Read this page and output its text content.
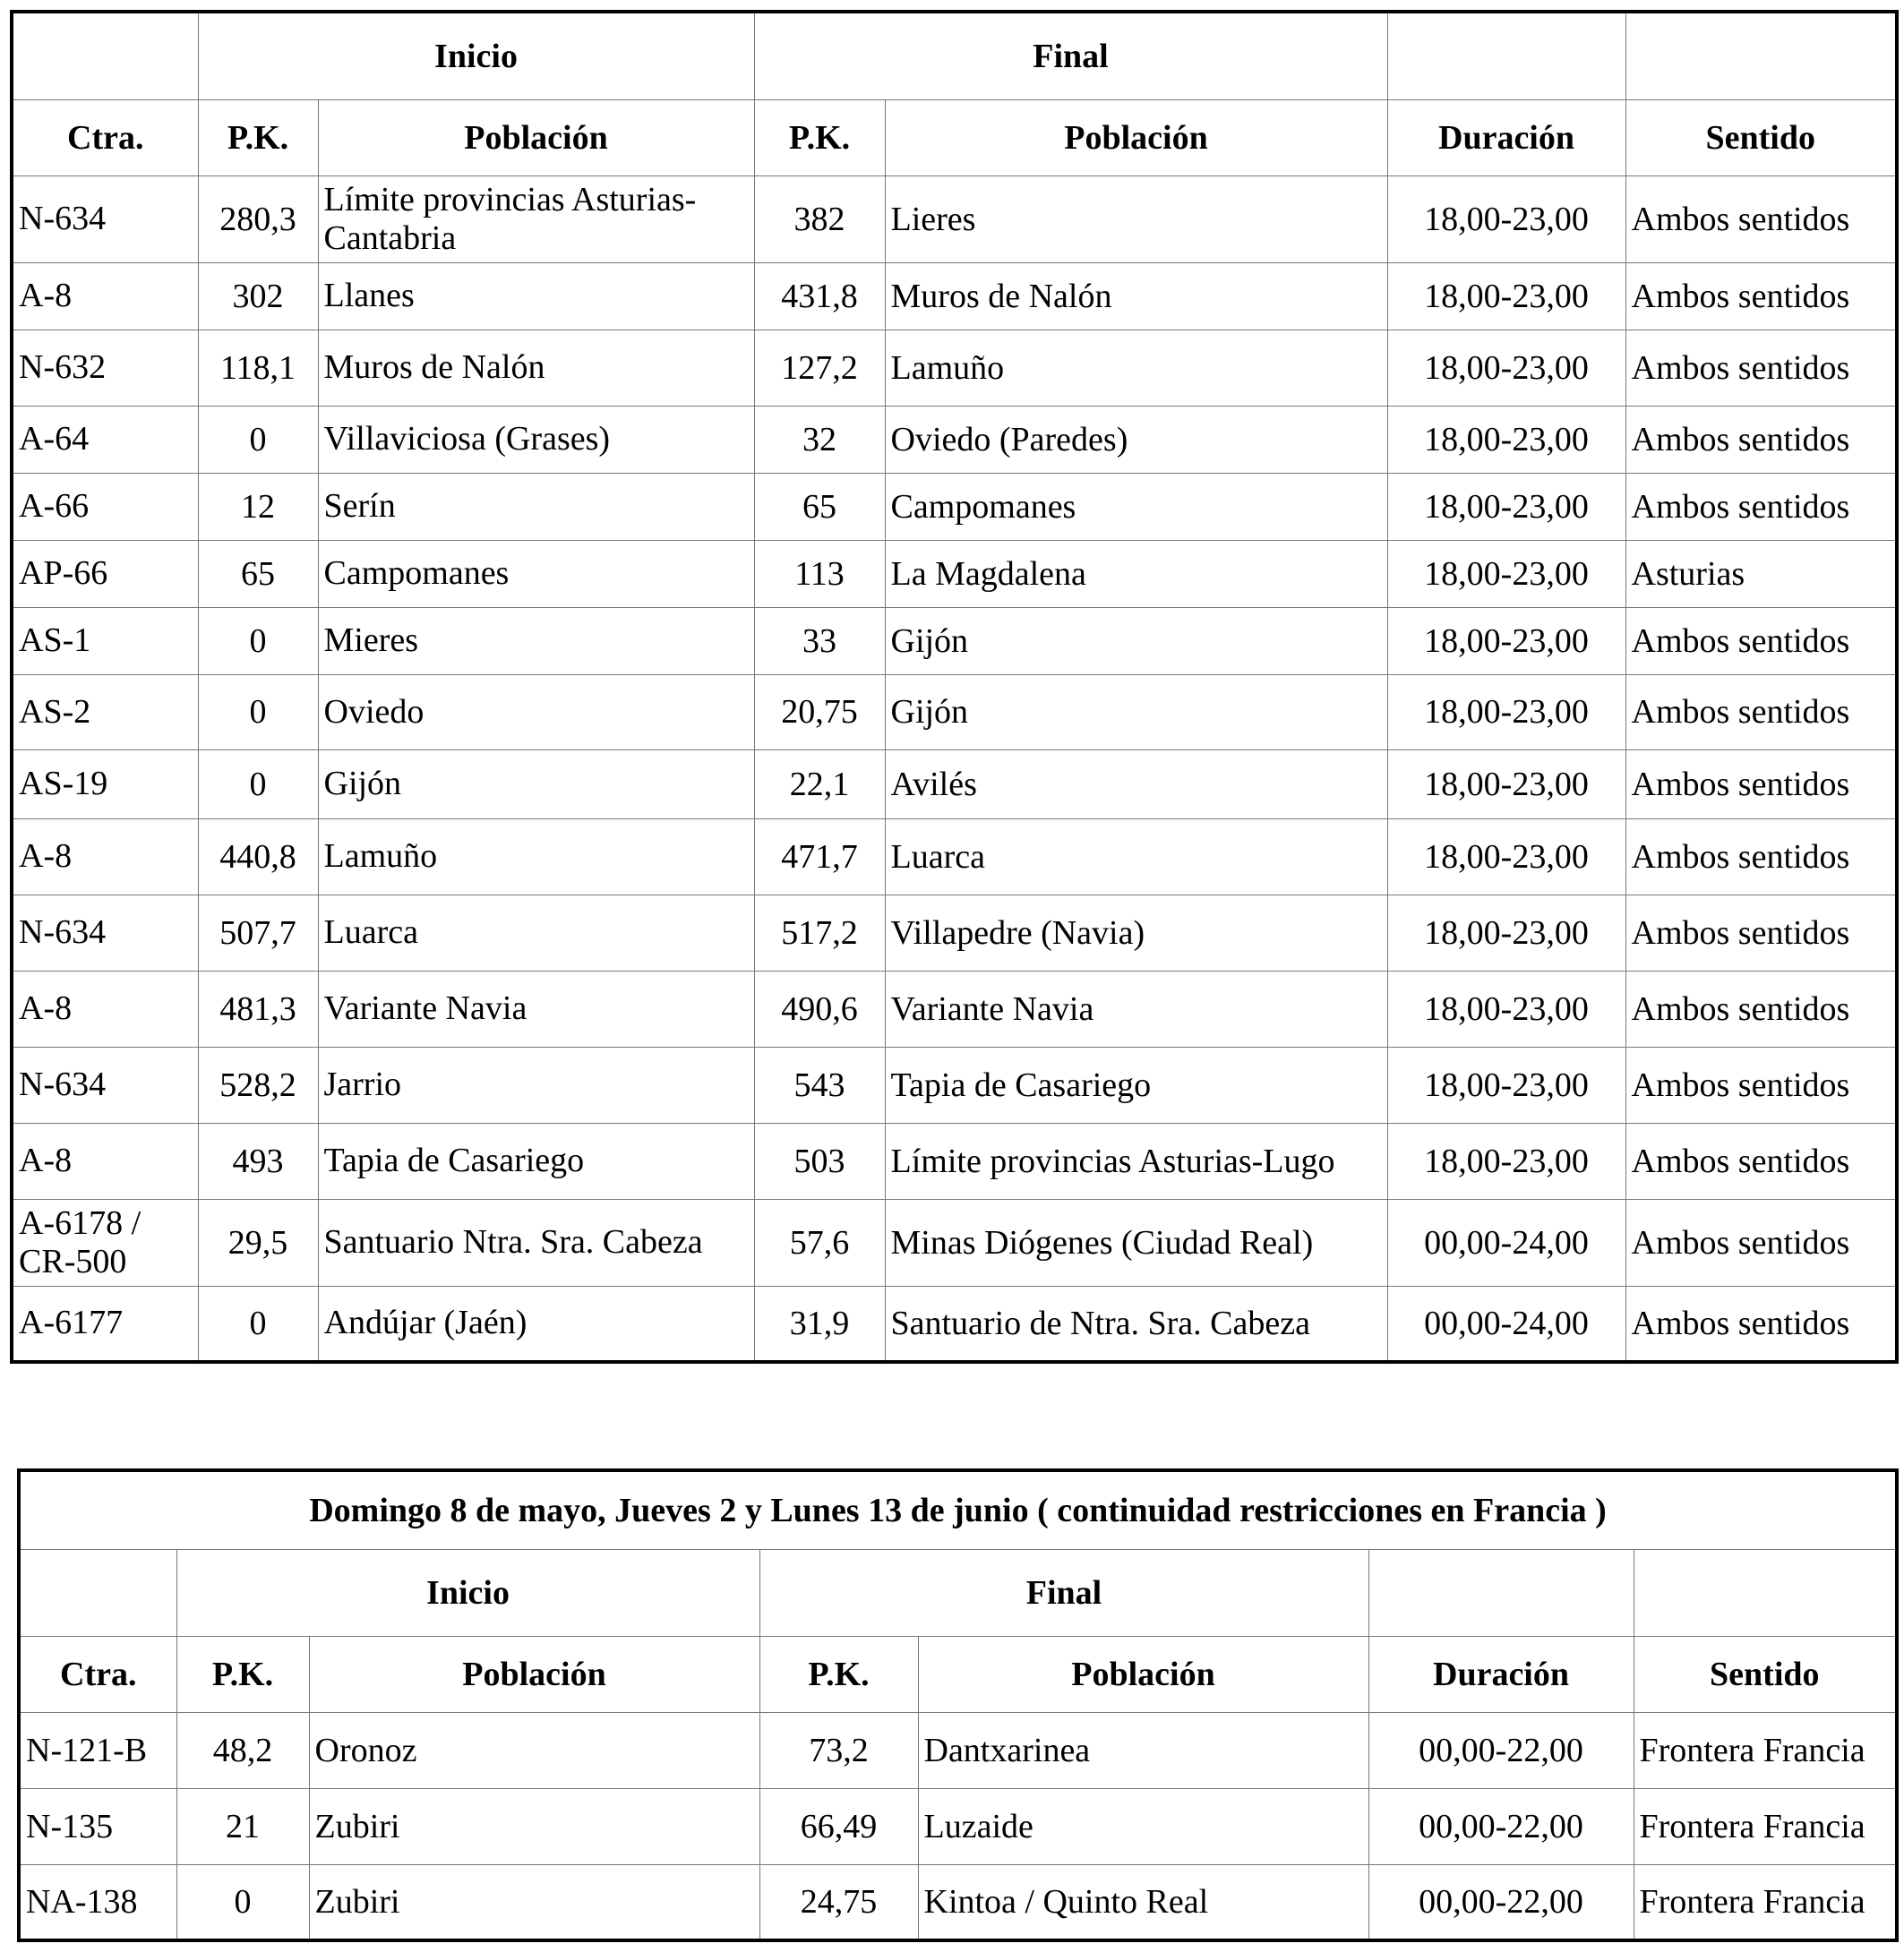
	Inicio		Final			
Ctra.	P.K.	Población	P.K.	Población	Duración	Sentido
N-634	280,3	Límite provincias Asturias-Cantabria	382	Lieres	18,00-23,00	Ambos sentidos
A-8	302	Llanes	431,8	Muros de Nalón	18,00-23,00	Ambos sentidos
N-632	118,1	Muros de Nalón	127,2	Lamuño	18,00-23,00	Ambos sentidos
A-64	0	Villaviciosa (Grases)	32	Oviedo (Paredes)	18,00-23,00	Ambos sentidos
A-66	12	Serín	65	Campomanes	18,00-23,00	Ambos sentidos
AP-66	65	Campomanes	113	La Magdalena	18,00-23,00	Asturias
AS-1	0	Mieres	33	Gijón	18,00-23,00	Ambos sentidos
AS-2	0	Oviedo	20,75	Gijón	18,00-23,00	Ambos sentidos
AS-19	0	Gijón	22,1	Avilés	18,00-23,00	Ambos sentidos
A-8	440,8	Lamuño	471,7	Luarca	18,00-23,00	Ambos sentidos
N-634	507,7	Luarca	517,2	Villapedre (Navia)	18,00-23,00	Ambos sentidos
A-8	481,3	Variante Navia	490,6	Variante Navia	18,00-23,00	Ambos sentidos
N-634	528,2	Jarrio	543	Tapia de Casariego	18,00-23,00	Ambos sentidos
A-8	493	Tapia de Casariego	503	Límite provincias Asturias-Lugo	18,00-23,00	Ambos sentidos
A-6178 / CR-500	29,5	Santuario Ntra. Sra. Cabeza	57,6	Minas Diógenes (Ciudad Real)	00,00-24,00	Ambos sentidos
A-6177	0	Andújar (Jaén)	31,9	Santuario de Ntra. Sra. Cabeza	00,00-24,00	Ambos sentidos
Domingo 8 de mayo, Jueves 2 y Lunes 13 de junio ( continuidad restricciones en Francia )						
	Inicio		Final			
Ctra.	P.K.	Población	P.K.	Población	Duración	Sentido
N-121-B	48,2	Oronoz	73,2	Dantxarinea	00,00-22,00	Frontera Francia
N-135	21	Zubiri	66,49	Luzaide	00,00-22,00	Frontera Francia
NA-138	0	Zubiri	24,75	Kintoa / Quinto Real	00,00-22,00	Frontera Francia
